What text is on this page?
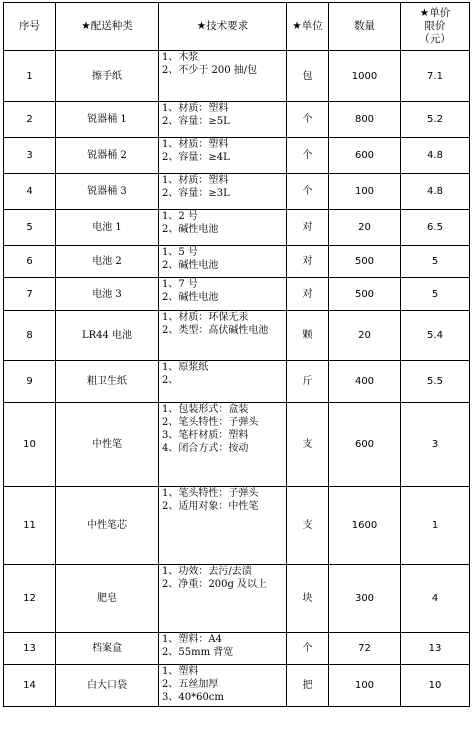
序号	★配送种类	★技术要求	★单位	数量	★单价
限价
（元）

1	擦手纸	1、木浆
2、不少于 200 抽/包	包	1000	7.1
2	锐器桶 1	1、材质：塑料
2、容量：≥5L	个	800	5.2
3	锐器桶 2	1、材质：塑料
2、容量：≥4L	个	600	4.8
4	锐器桶 3	1、材质：塑料
2、容量：≥3L	个	100	4.8
5	电池 1	1、2 号
2、碱性电池	对	20	6.5
6	电池 2	1、5 号
2、碱性电池	对	500	5
7	电池 3	1、7 号
2、碱性电池	对	500	5
8	LR44 电池	1、材质：环保无汞
2、类型：高伏碱性电池	颗	20	5.4
9	粗卫生纸	1、原浆纸
2、	斤	400	5.5
10	中性笔	1、包装形式：盒装
2、笔头特性：子弹头
3、笔杆材质：塑料
4、闭合方式：按动	支	600	3
11	中性笔芯	1、笔头特性：子弹头
2、适用对象：中性笔	支	1600	1
12	肥皂	1、功效：去污/去渍
2、净重：200g 及以上	块	300	4
13	档案盒	1、塑料：A4
2、55mm 背宽	个	72	13
14	白大口袋	1、塑料
2、五丝加厚
3、40*60cm	把	100	10
